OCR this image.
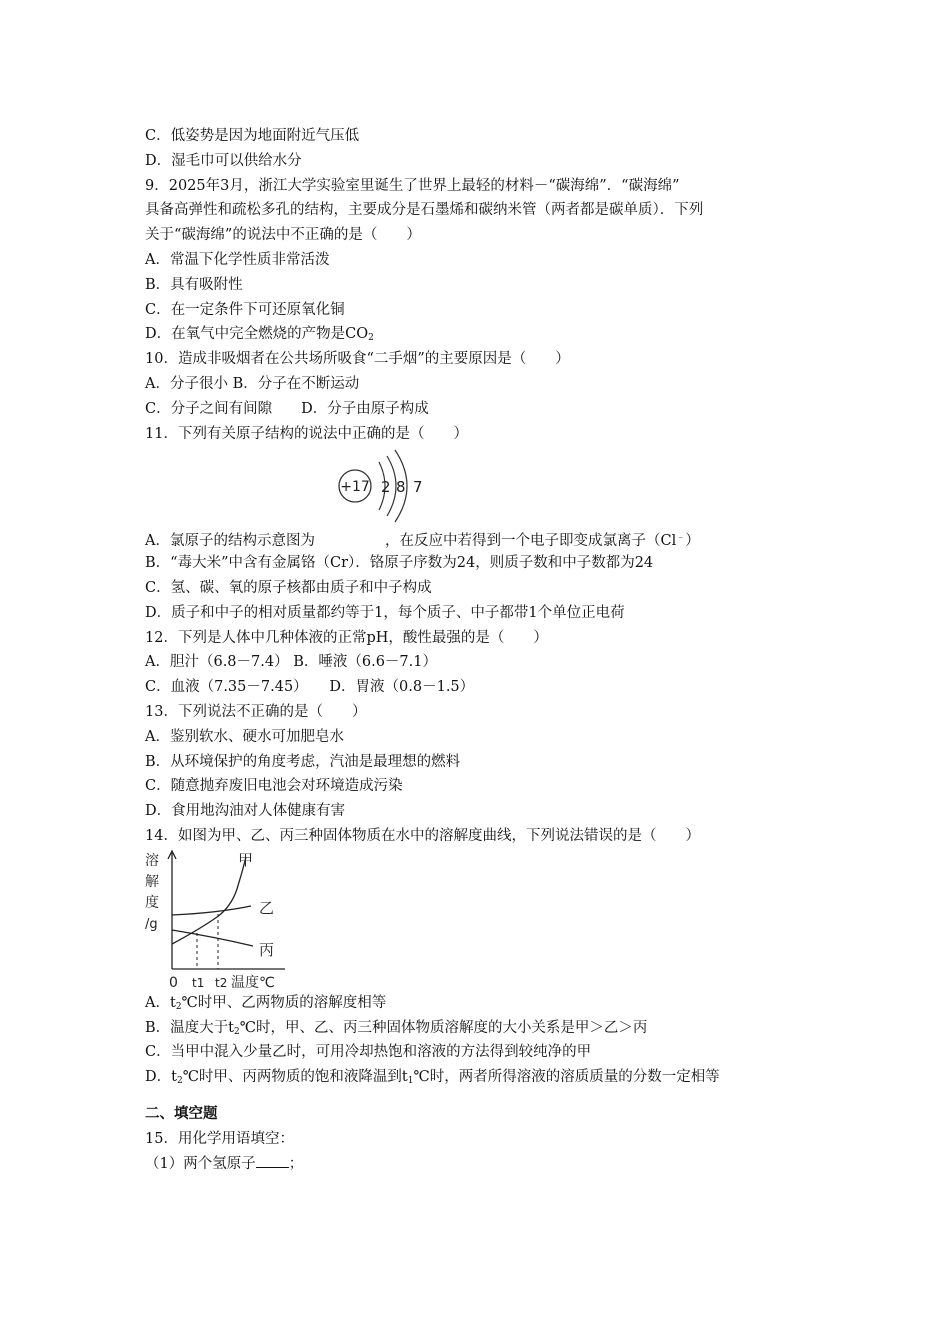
C．低姿势是因为地面附近气压低
D．湿毛巾可以供给水分
9．2025年3月，浙江大学实验室里诞生了世界上最轻的材料－“碳海绵”．“碳海绵”
具备高弹性和疏松多孔的结构，主要成分是石墨烯和碳纳米管（两者都是碳单质）．下列
关于“碳海绵”的说法中不正确的是（　　）
A．常温下化学性质非常活泼
B．具有吸附性
C．在一定条件下可还原氧化铜
D．在氧气中完全燃烧的产物是$CO_2$
10．造成非吸烟者在公共场所吸食“二手烟”的主要原因是（　　）
A．分子很小 B．分子在不断运动
C．分子之间有间隙　　D．分子由原子构成
11．下列有关原子结构的说法中正确的是（　　）
+17 2 8 7
A．氯原子的结构示意图为	，在反应中若得到一个电子即变成氯离子（Cl﹣）
B．“毒大米”中含有金属铬（Cr）．铬原子序数为24，则质子数和中子数都为24
C．氢、碳、氧的原子核都由质子和中子构成
D．质子和中子的相对质量都约等于1，每个质子、中子都带1个单位正电荷
12．下列是人体中几种体液的正常pH，酸性最强的是（　　）
A．胆汁（6.8－7.4） B．唾液（6.6－7.1）
C．血液（7.35－7.45）　　D．胃液（0.8－1.5）
13．下列说法不正确的是（　　）
A．鉴别软水、硬水可加肥皂水
B．从环境保护的角度考虑，汽油是最理想的燃料
C．随意抛弃废旧电池会对环境造成污染
D．食用地沟油对人体健康有害
14．如图为甲、乙、丙三种固体物质在水中的溶解度曲线，下列说法错误的是（　　）
溶
解
度
/g
甲
乙
丙
0 t1 t2 温度℃
A．$t_2℃$时甲、乙两物质的溶解度相等
B．温度大于$t_2℃$时，甲、乙、丙三种固体物质溶解度的大小关系是甲＞乙＞丙
C．当甲中混入少量乙时，可用冷却热饱和溶液的方法得到较纯净的甲
D．$t_2℃$时甲、丙两物质的饱和液降温到$t_1℃$时，两者所得溶液的溶质质量的分数一定相等
二、填空题
15．用化学用语填空：
（1）两个氢原子 ；
